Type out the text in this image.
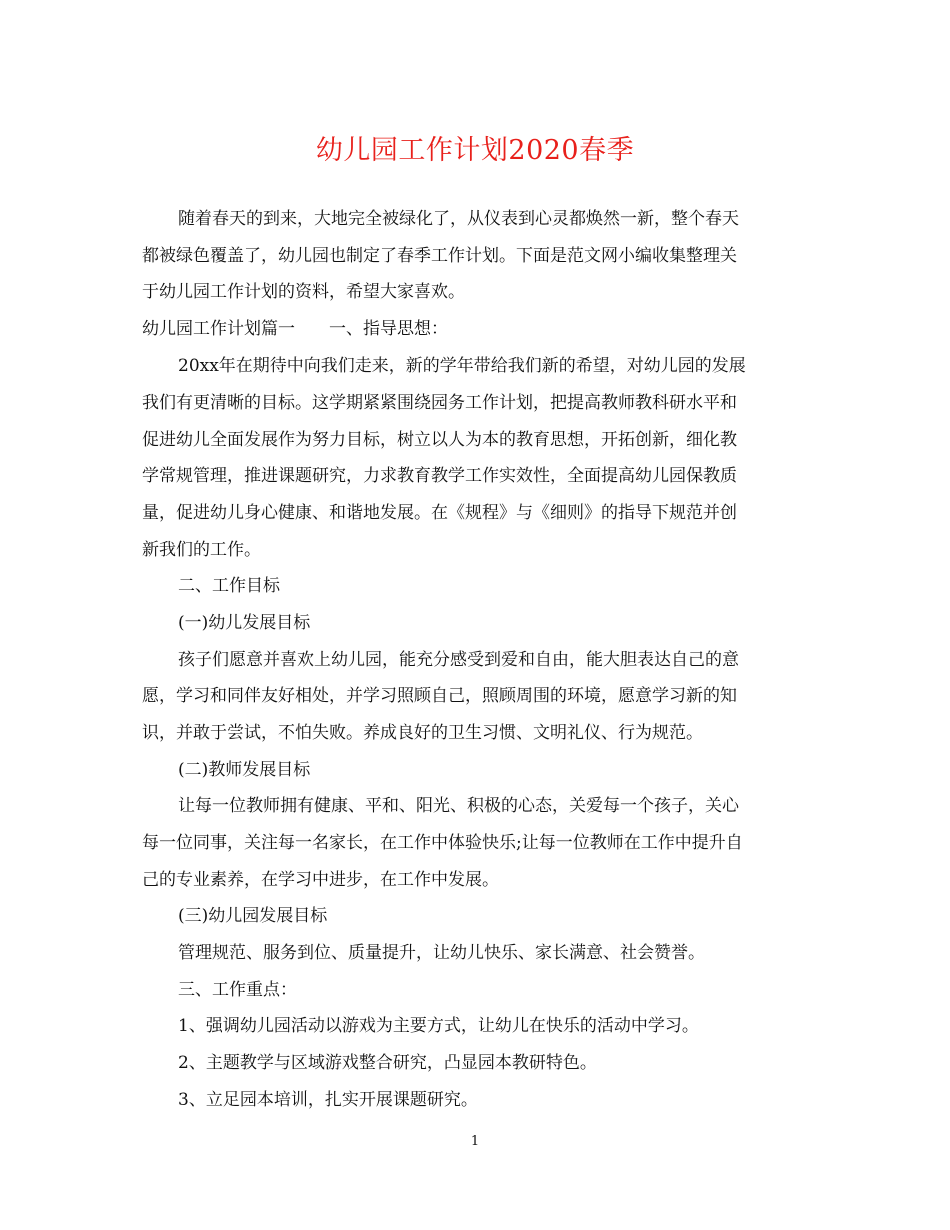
幼儿园工作计划2020春季
随着春天的到来，大地完全被绿化了，从仪表到心灵都焕然一新，整个春天
都被绿色覆盖了，幼儿园也制定了春季工作计划。下面是范文网小编收集整理关
于幼儿园工作计划的资料，希望大家喜欢。
幼儿园工作计划篇一　　一、指导思想：
20xx年在期待中向我们走来，新的学年带给我们新的希望，对幼儿园的发展
我们有更清晰的目标。这学期紧紧围绕园务工作计划，把提高教师教科研水平和
促进幼儿全面发展作为努力目标，树立以人为本的教育思想，开拓创新，细化教
学常规管理，推进课题研究，力求教育教学工作实效性，全面提高幼儿园保教质
量，促进幼儿身心健康、和谐地发展。在《规程》与《细则》的指导下规范并创
新我们的工作。
二、工作目标
(一)幼儿发展目标
孩子们愿意并喜欢上幼儿园，能充分感受到爱和自由，能大胆表达自己的意
愿，学习和同伴友好相处，并学习照顾自己，照顾周围的环境，愿意学习新的知
识，并敢于尝试，不怕失败。养成良好的卫生习惯、文明礼仪、行为规范。
(二)教师发展目标
让每一位教师拥有健康、平和、阳光、积极的心态，关爱每一个孩子，关心
每一位同事，关注每一名家长，在工作中体验快乐;让每一位教师在工作中提升自
己的专业素养，在学习中进步，在工作中发展。
(三)幼儿园发展目标
管理规范、服务到位、质量提升，让幼儿快乐、家长满意、社会赞誉。
三、工作重点：
1、强调幼儿园活动以游戏为主要方式，让幼儿在快乐的活动中学习。
2、主题教学与区域游戏整合研究，凸显园本教研特色。
3、立足园本培训，扎实开展课题研究。
1
